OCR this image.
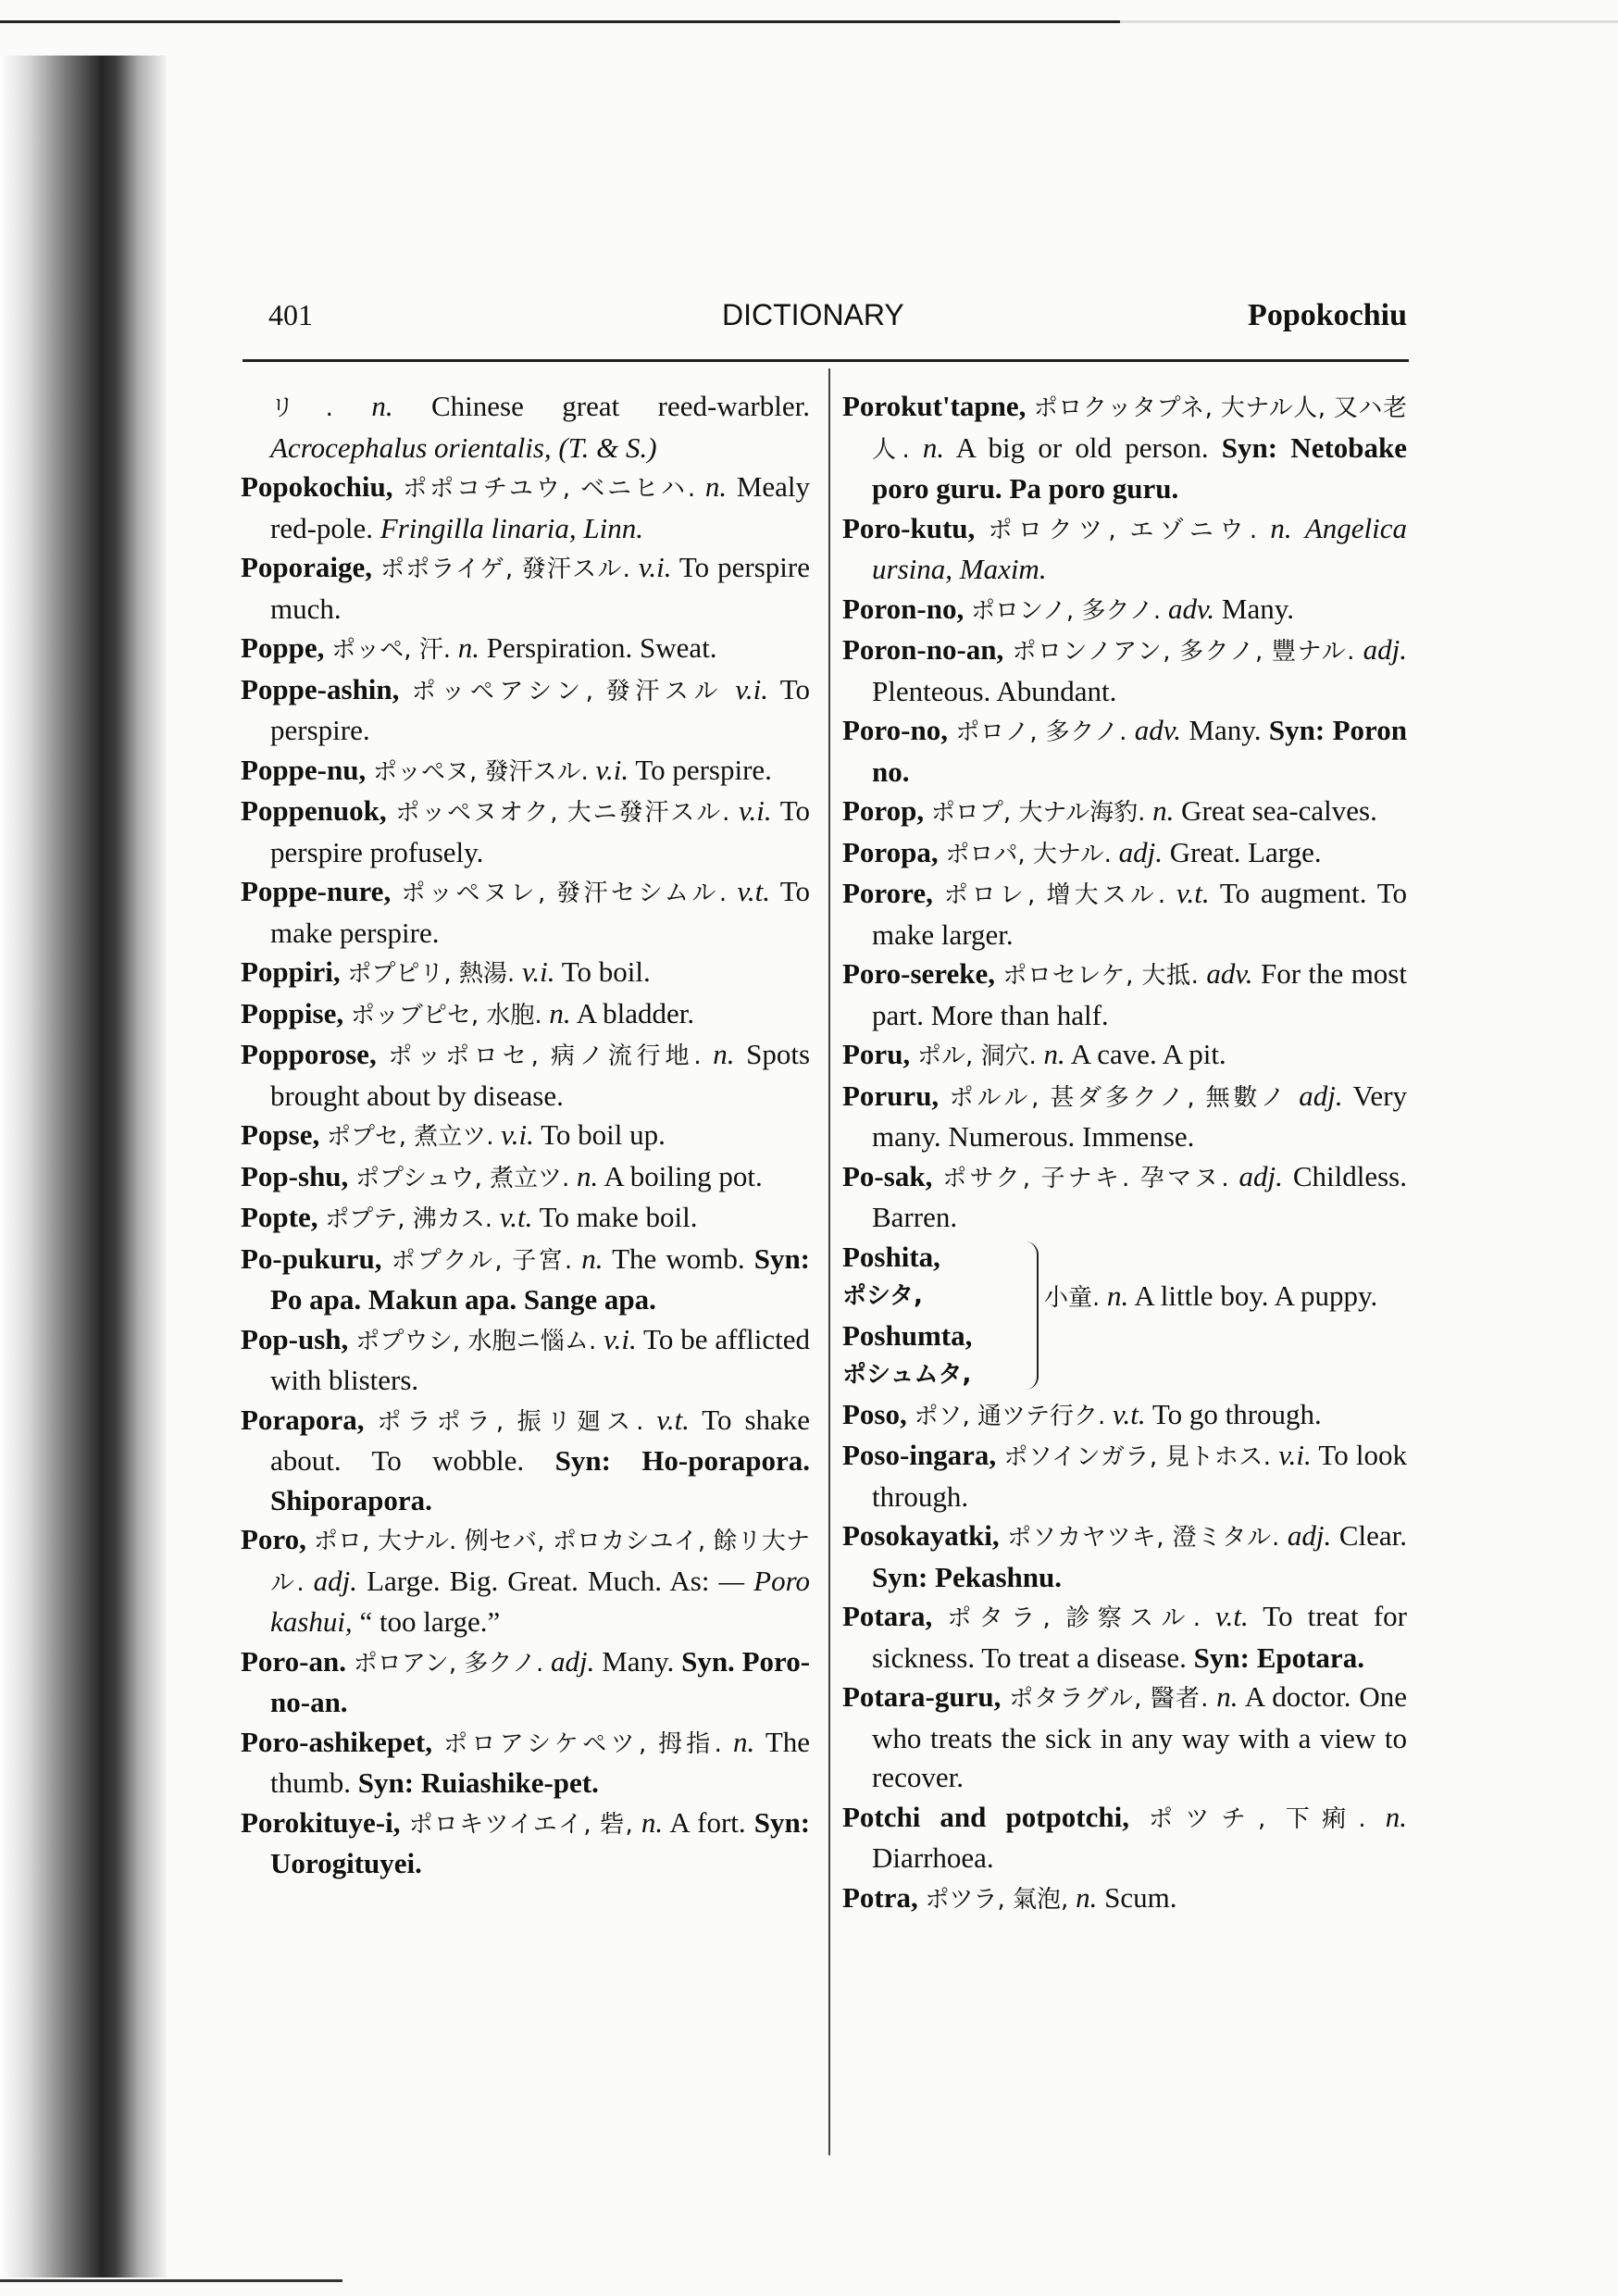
401	DICTIONARY	Popokochiu
リ. n. Chinese great reed-warbler. Acrocephalus orientalis, (T. & S.)
Popokochiu, ポポコチユウ, ベニヒハ. n. Mealy red-pole. Fringilla linaria, Linn.
Poporaige, ポポライゲ, 發汗スル. v.i. To perspire much.
Poppe, ポッペ, 汗. n. Perspiration. Sweat.
Poppe-ashin, ポッペアシン, 發汗スル v.i. To perspire.
Poppe-nu, ポッペヌ, 發汗スル. v.i. To perspire.
Poppenuok, ポッペヌオク, 大ニ發汗スル. v.i. To perspire profusely.
Poppe-nure, ポッペヌレ, 發汗セシムル. v.t. To make perspire.
Poppiri, ポプピリ, 熱湯. v.i. To boil.
Poppise, ポッブピセ, 水胞. n. A bladder.
Popporose, ポッポロセ, 病ノ流行地. n. Spots brought about by disease.
Popse, ポプセ, 煮立ツ. v.i. To boil up.
Pop-shu, ポプシュウ, 煮立ツ. n. A boiling pot.
Popte, ポプテ, 沸カス. v.t. To make boil.
Po-pukuru, ポプクル, 子宮. n. The womb. Syn: Po apa. Makun apa. Sange apa.
Pop-ush, ポプウシ, 水胞ニ惱ム. v.i. To be afflicted with blisters.
Porapora, ポラポラ, 振リ廻ス. v.t. To shake about. To wobble. Syn: Ho-porapora. Shiporapora.
Poro, ポロ, 大ナル. 例セバ, ポロカシユイ, 餘リ大ナル. adj. Large. Big. Great. Much. As: — Poro kashui, “ too large.”
Poro-an. ポロアン, 多クノ. adj. Many. Syn. Poro-no-an.
Poro-ashikepet, ポロアシケペツ, 拇指. n. The thumb. Syn: Ruiashike-pet.
Porokituye-i, ポロキツイエイ, 砦, n. A fort. Syn: Uorogituyei.
Porokut'tapne, ポロクッタプネ, 大ナル人, 又ハ老人. n. A big or old person. Syn: Netobake poro guru. Pa poro guru.
Poro-kutu, ポロクツ, エゾニウ. n. Angelica ursina, Maxim.
Poron-no, ポロンノ, 多クノ. adv. Many.
Poron-no-an, ポロンノアン, 多クノ, 豐ナル. adj. Plenteous. Abundant.
Poro-no, ポロノ, 多クノ. adv. Many. Syn: Poron no.
Porop, ポロプ, 大ナル海豹. n. Great sea-calves.
Poropa, ポロパ, 大ナル. adj. Great. Large.
Porore, ポロレ, 增大スル. v.t. To augment. To make larger.
Poro-sereke, ポロセレケ, 大抵. adv. For the most part. More than half.
Poru, ポル, 洞穴. n. A cave. A pit.
Poruru, ポルル, 甚ダ多クノ, 無數ノ adj. Very many. Numerous. Immense.
Po-sak, ポサク, 子ナキ. 孕マヌ. adj. Childless. Barren.
Poshita,
ポシタ,
Poshumta,
ポシュムタ,
小童. n. A little boy. A puppy.
Poso, ポソ, 通ツテ行ク. v.t. To go through.
Poso-ingara, ポソインガラ, 見トホス. v.i. To look through.
Posokayatki, ポソカヤツキ, 澄ミタル. adj. Clear. Syn: Pekashnu.
Potara, ポタラ, 診察スル. v.t. To treat for sickness. To treat a disease. Syn: Epotara.
Potara-guru, ポタラグル, 醫者. n. A doctor. One who treats the sick in any way with a view to recover.
Potchi and potpotchi, ポツチ, 下痢. n. Diarrhoea.
Potra, ポツラ, 氣泡, n. Scum.
